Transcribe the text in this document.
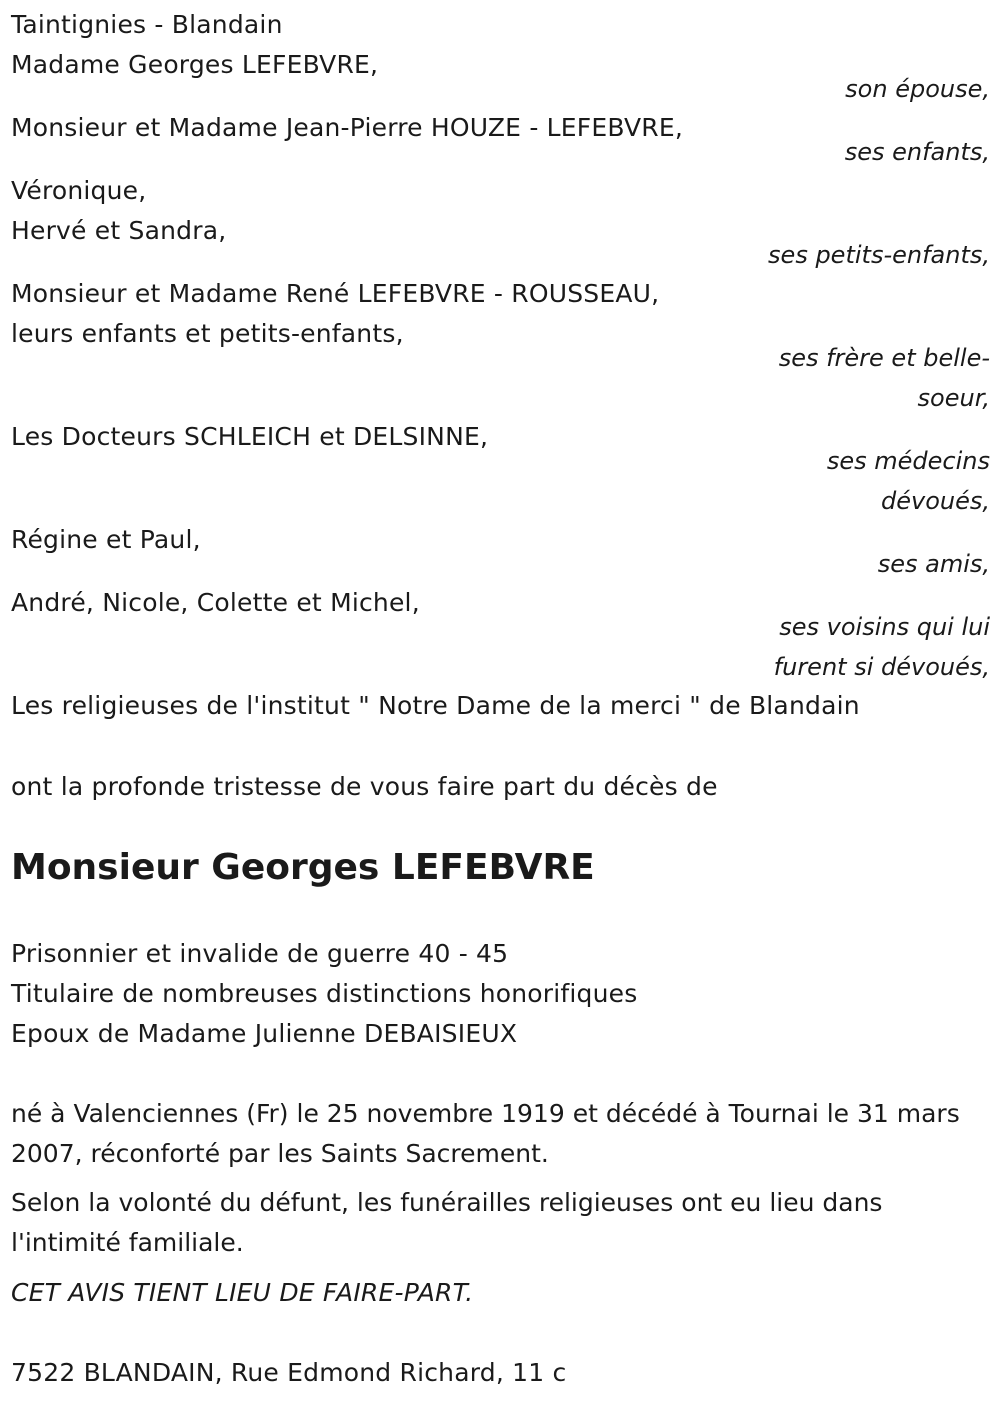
Taintignies - Blandain
Madame Georges LEFEBVRE,
son épouse,
Monsieur et Madame Jean-Pierre HOUZE - LEFEBVRE,
ses enfants,
Véronique,
Hervé et Sandra,
ses petits-enfants,
Monsieur et Madame René LEFEBVRE - ROUSSEAU,
leurs enfants et petits-enfants,
ses frère et belle-
soeur,
Les Docteurs SCHLEICH et DELSINNE,
ses médecins
dévoués,
Régine et Paul,
ses amis,
André, Nicole, Colette et Michel,
ses voisins qui lui
furent si dévoués,
Les religieuses de l'institut " Notre Dame de la merci " de Blandain
ont la profonde tristesse de vous faire part du décès de
Monsieur Georges LEFEBVRE
Prisonnier et invalide de guerre 40 - 45
Titulaire de nombreuses distinctions honorifiques
Epoux de Madame Julienne DEBAISIEUX
né à Valenciennes (Fr) le 25 novembre 1919 et décédé à Tournai le 31 mars 2007, réconforté par les Saints Sacrement.
Selon la volonté du défunt, les funérailles religieuses ont eu lieu dans l'intimité familiale.
CET AVIS TIENT LIEU DE FAIRE-PART.
7522 BLANDAIN, Rue Edmond Richard, 11 c
